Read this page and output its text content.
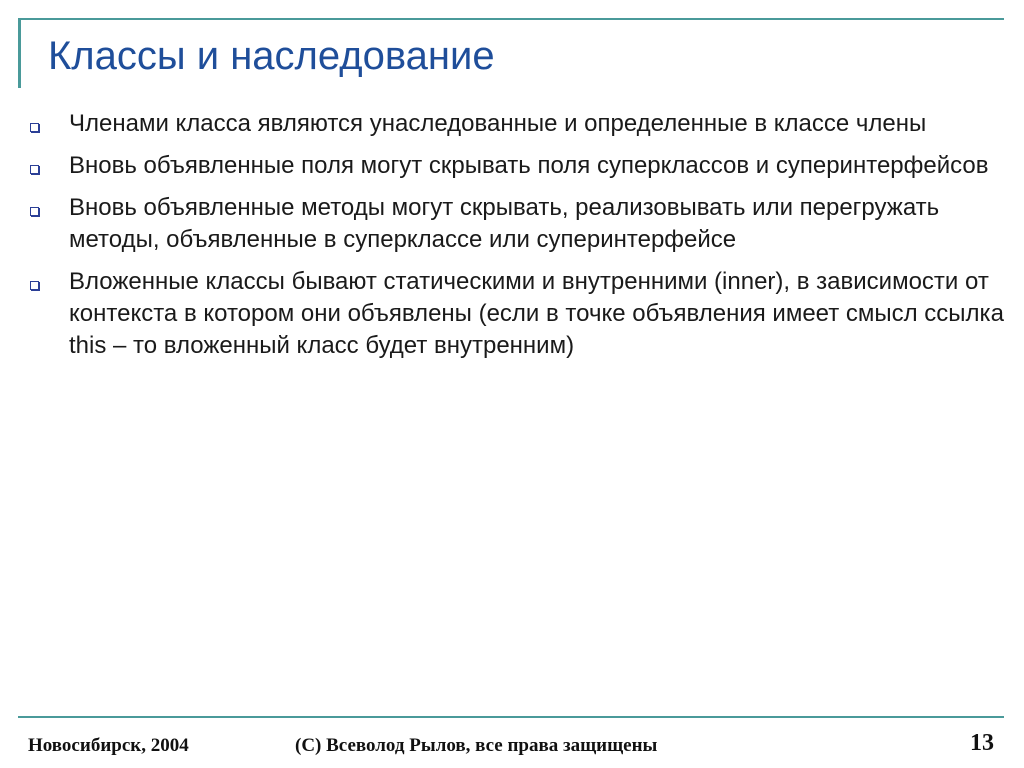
Классы и наследование
Членами класса являются унаследованные и определенные в классе члены
Вновь объявленные поля могут скрывать поля суперклассов и суперинтерфейсов
Вновь объявленные методы могут скрывать, реализовывать или перегружать методы, объявленные в суперклассе или суперинтерфейсе
Вложенные классы бывают статическими и внутренними (inner), в зависимости от контекста в котором они объявлены (если в точке объявления имеет смысл ссылка this – то вложенный класс будет внутренним)
Новосибирск, 2004	(C) Всеволод Рылов, все права защищены	13
